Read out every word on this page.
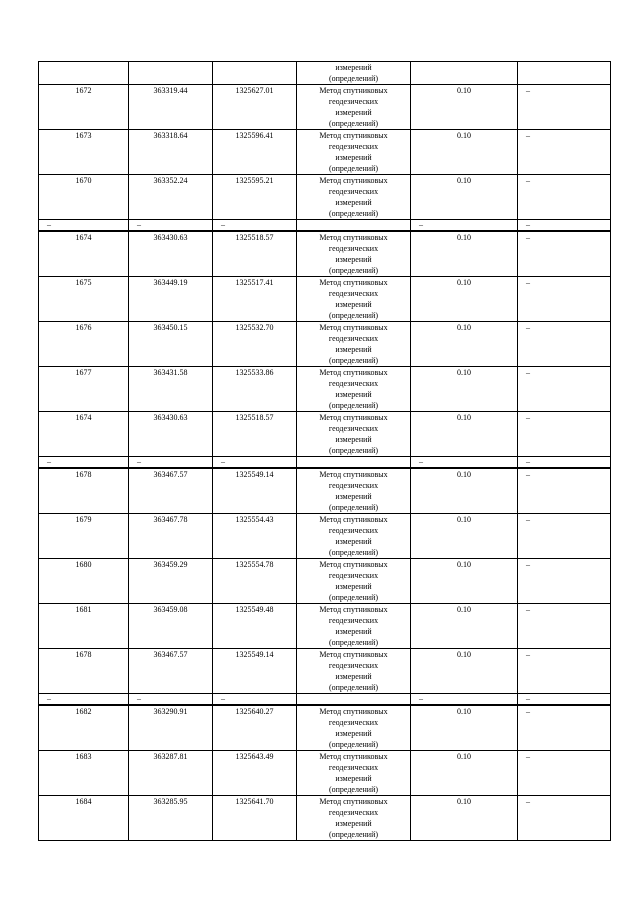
			измерений
(определений)		

1672	363319.44	1325627.01	Метод спутниковых
геодезических
измерений
(определений)	0.10	–
1673	363318.64	1325596.41	Метод спутниковых
геодезических
измерений
(определений)	0.10	–
1670	363352.24	1325595.21	Метод спутниковых
геодезических
измерений
(определений)	0.10	–
–	–	–		–	–
1674	363430.63	1325518.57	Метод спутниковых
геодезических
измерений
(определений)	0.10	–
1675	363449.19	1325517.41	Метод спутниковых
геодезических
измерений
(определений)	0.10	–
1676	363450.15	1325532.70	Метод спутниковых
геодезических
измерений
(определений)	0.10	–
1677	363431.58	1325533.86	Метод спутниковых
геодезических
измерений
(определений)	0.10	–
1674	363430.63	1325518.57	Метод спутниковых
геодезических
измерений
(определений)	0.10	–
–	–	–		–	–
1678	363467.57	1325549.14	Метод спутниковых
геодезических
измерений
(определений)	0.10	–
1679	363467.78	1325554.43	Метод спутниковых
геодезических
измерений
(определений)	0.10	–
1680	363459.29	1325554.78	Метод спутниковых
геодезических
измерений
(определений)	0.10	–
1681	363459.08	1325549.48	Метод спутниковых
геодезических
измерений
(определений)	0.10	–
1678	363467.57	1325549.14	Метод спутниковых
геодезических
измерений
(определений)	0.10	–
–	–	–		–	–
1682	363290.91	1325640.27	Метод спутниковых
геодезических
измерений
(определений)	0.10	–
1683	363287.81	1325643.49	Метод спутниковых
геодезических
измерений
(определений)	0.10	–
1684	363285.95	1325641.70	Метод спутниковых
геодезических
измерений
(определений)	0.10	–
